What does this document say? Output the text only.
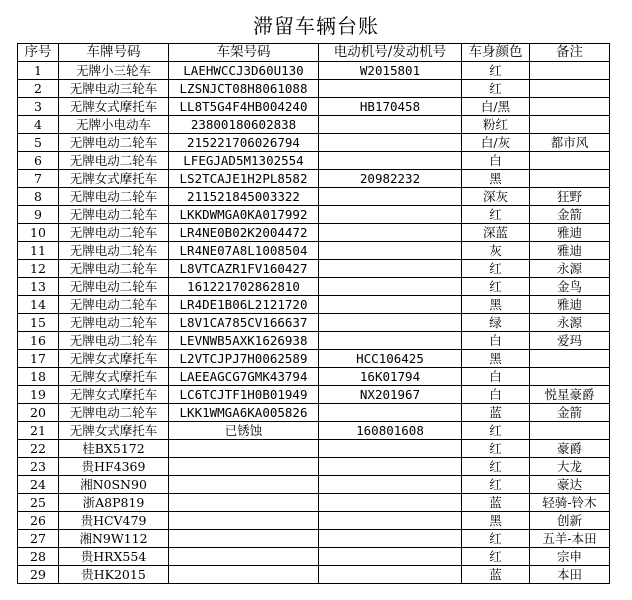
滞留车辆台账
序号	车牌号码	车架号码	电动机号/发动机号	车身颜色	备注
1	无牌小三轮车	LAEHWCCJ3D60U130	W2015801	红	
2	无牌电动三轮车	LZSNJCT08H8061088		红	
3	无牌女式摩托车	LL8T5G4F4HB004240	HB170458	白/黑	
4	无牌小电动车	23800180602838		粉红	
5	无牌电动二轮车	215221706026794		白/灰	都市风
6	无牌电动二轮车	LFEGJAD5M1302554		白	
7	无牌女式摩托车	LS2TCAJE1H2PL8582	20982232	黑	
8	无牌电动二轮车	211521845003322		深灰	狂野
9	无牌电动二轮车	LKKDWMGA0KA017992		红	金箭
10	无牌电动二轮车	LR4NE0B02K2004472		深蓝	雅迪
11	无牌电动二轮车	LR4NE07A8L1008504		灰	雅迪
12	无牌电动二轮车	L8VTCAZR1FV160427		红	永源
13	无牌电动二轮车	161221702862810		红	金鸟
14	无牌电动二轮车	LR4DE1B06L2121720		黑	雅迪
15	无牌电动二轮车	L8V1CA785CV166637		绿	永源
16	无牌电动二轮车	LEVNWB5AXK1626938		白	爱玛
17	无牌女式摩托车	L2VTCJPJ7H0062589	HCC106425	黑	
18	无牌女式摩托车	LAEEAGCG7GMK43794	16K01794	白	
19	无牌女式摩托车	LC6TCJTF1H0B01949	NX201967	白	悦星豪爵
20	无牌电动二轮车	LKK1WMGA6KA005826		蓝	金箭
21	无牌女式摩托车	已锈蚀	160801608	红	
22	桂BX5172			红	豪爵
23	贵HF4369			红	大龙
24	湘N0SN90			红	豪达
25	浙A8P819			蓝	轻骑-铃木
26	贵HCV479			黑	创新
27	湘N9W112			红	五羊-本田
28	贵HRX554			红	宗申
29	贵HK2015			蓝	本田
